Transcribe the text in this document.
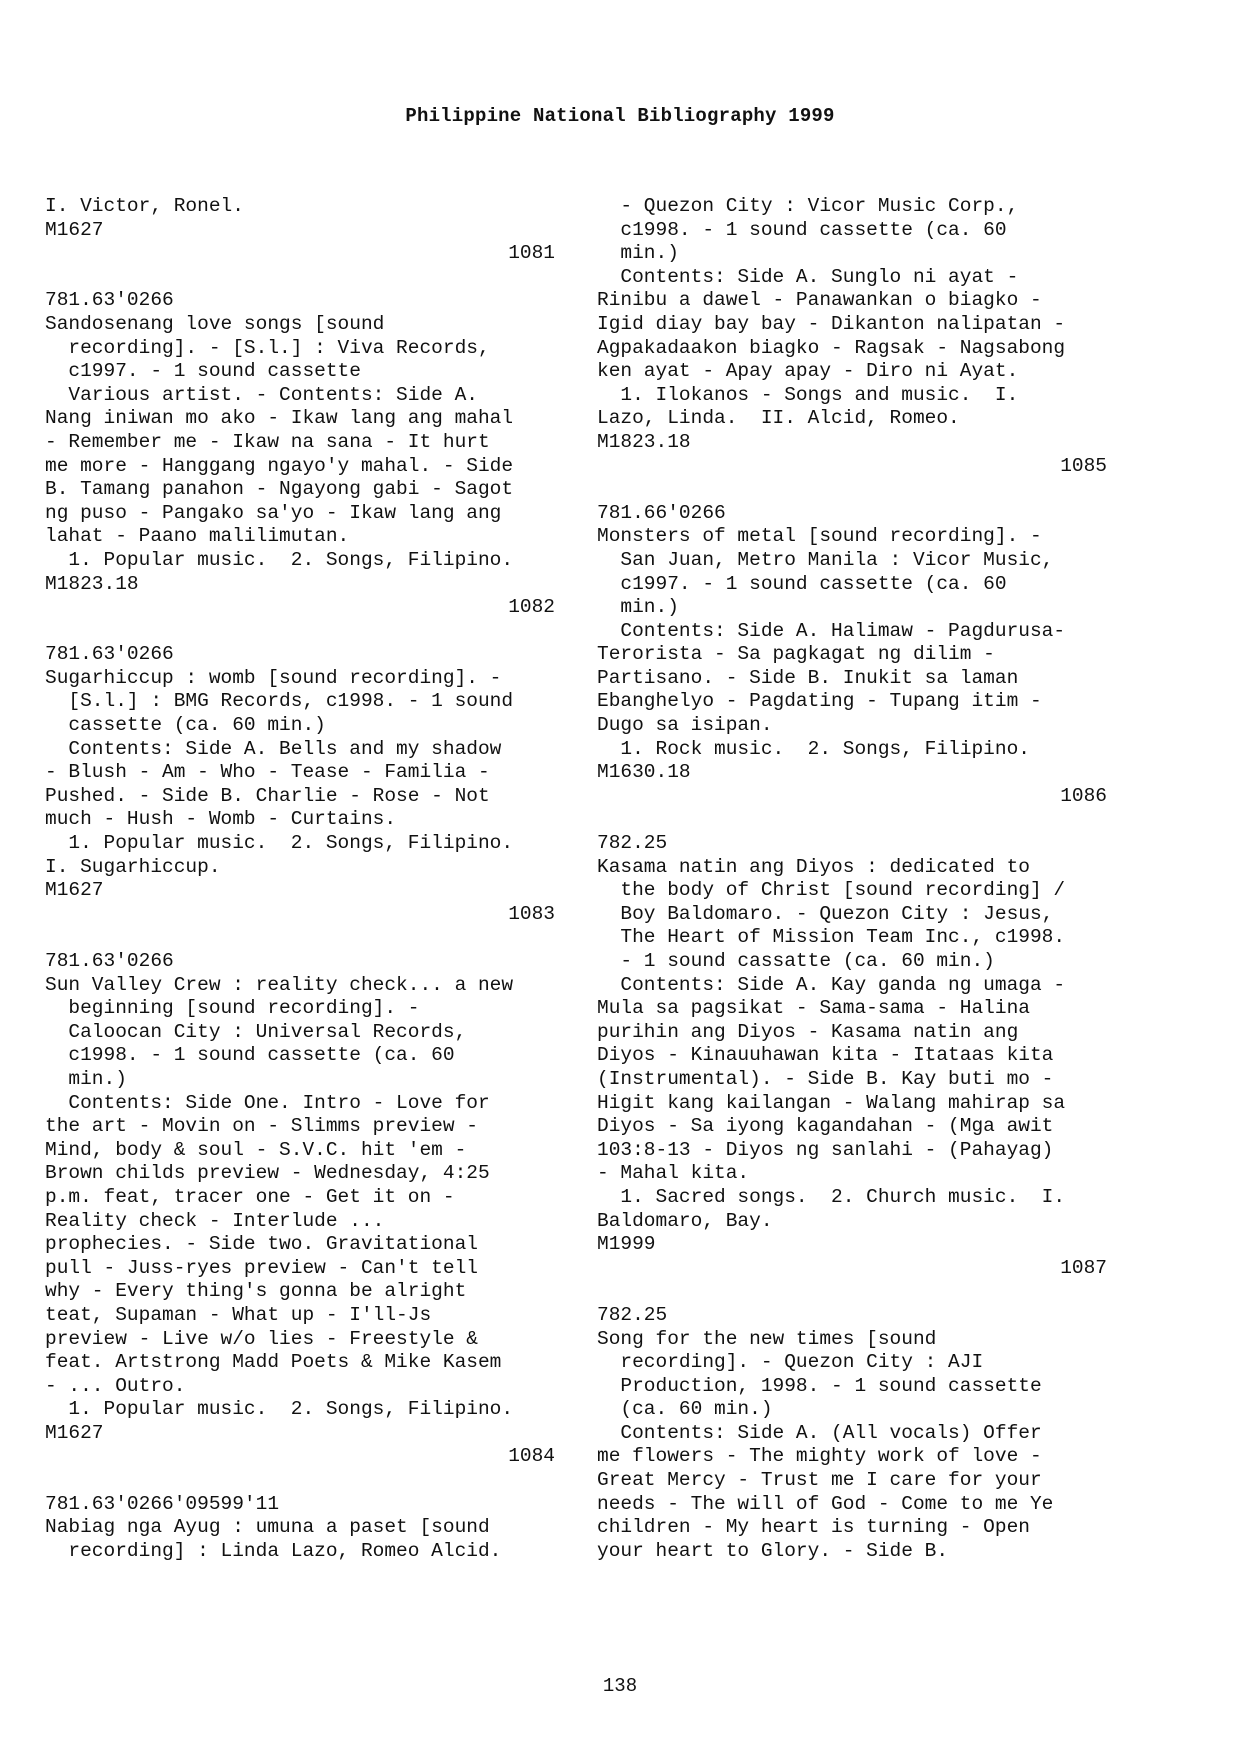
Philippine National Bibliography 1999
I. Victor, Ronel.
M1627
1081
781.63'0266
Sandosenang love songs [sound
recording]. - [S.l.] : Viva Records,
c1997. - 1 sound cassette
Various artist. - Contents: Side A.
Nang iniwan mo ako - Ikaw lang ang mahal
- Remember me - Ikaw na sana - It hurt
me more - Hanggang ngayo'y mahal. - Side
B. Tamang panahon - Ngayong gabi - Sagot
ng puso - Pangako sa'yo - Ikaw lang ang
lahat - Paano malilimutan.
1. Popular music.  2. Songs, Filipino.
M1823.18
1082
781.63'0266
Sugarhiccup : womb [sound recording]. -
[S.l.] : BMG Records, c1998. - 1 sound
cassette (ca. 60 min.)
Contents: Side A. Bells and my shadow
- Blush - Am - Who - Tease - Familia -
Pushed. - Side B. Charlie - Rose - Not
much - Hush - Womb - Curtains.
1. Popular music.  2. Songs, Filipino.
I. Sugarhiccup.
M1627
1083
781.63'0266
Sun Valley Crew : reality check... a new
beginning [sound recording]. -
Caloocan City : Universal Records,
c1998. - 1 sound cassette (ca. 60
min.)
Contents: Side One. Intro - Love for
the art - Movin on - Slimms preview -
Mind, body & soul - S.V.C. hit 'em -
Brown childs preview - Wednesday, 4:25
p.m. feat, tracer one - Get it on -
Reality check - Interlude ...
prophecies. - Side two. Gravitational
pull - Juss-ryes preview - Can't tell
why - Every thing's gonna be alright
teat, Supaman - What up - I'll-Js
preview - Live w/o lies - Freestyle &
feat. Artstrong Madd Poets & Mike Kasem
- ... Outro.
1. Popular music.  2. Songs, Filipino.
M1627
1084
781.63'0266'09599'11
Nabiag nga Ayug : umuna a paset [sound
recording] : Linda Lazo, Romeo Alcid.
- Quezon City : Vicor Music Corp.,
c1998. - 1 sound cassette (ca. 60
min.)
Contents: Side A. Sunglo ni ayat -
Rinibu a dawel - Panawankan o biagko -
Igid diay bay bay - Dikanton nalipatan -
Agpakadaakon biagko - Ragsak - Nagsabong
ken ayat - Apay apay - Diro ni Ayat.
1. Ilokanos - Songs and music.  I.
Lazo, Linda.  II. Alcid, Romeo.
M1823.18
1085
781.66'0266
Monsters of metal [sound recording]. -
San Juan, Metro Manila : Vicor Music,
c1997. - 1 sound cassette (ca. 60
min.)
Contents: Side A. Halimaw - Pagdurusa-
Terorista - Sa pagkagat ng dilim -
Partisano. - Side B. Inukit sa laman
Ebanghelyo - Pagdating - Tupang itim -
Dugo sa isipan.
1. Rock music.  2. Songs, Filipino.
M1630.18
1086
782.25
Kasama natin ang Diyos : dedicated to
the body of Christ [sound recording] /
Boy Baldomaro. - Quezon City : Jesus,
The Heart of Mission Team Inc., c1998.
- 1 sound cassatte (ca. 60 min.)
Contents: Side A. Kay ganda ng umaga -
Mula sa pagsikat - Sama-sama - Halina
purihin ang Diyos - Kasama natin ang
Diyos - Kinauuhawan kita - Itataas kita
(Instrumental). - Side B. Kay buti mo -
Higit kang kailangan - Walang mahirap sa
Diyos - Sa iyong kagandahan - (Mga awit
103:8-13 - Diyos ng sanlahi - (Pahayag)
- Mahal kita.
1. Sacred songs.  2. Church music.  I.
Baldomaro, Bay.
M1999
1087
782.25
Song for the new times [sound
recording]. - Quezon City : AJI
Production, 1998. - 1 sound cassette
(ca. 60 min.)
Contents: Side A. (All vocals) Offer
me flowers - The mighty work of love -
Great Mercy - Trust me I care for your
needs - The will of God - Come to me Ye
children - My heart is turning - Open
your heart to Glory. - Side B.
138
